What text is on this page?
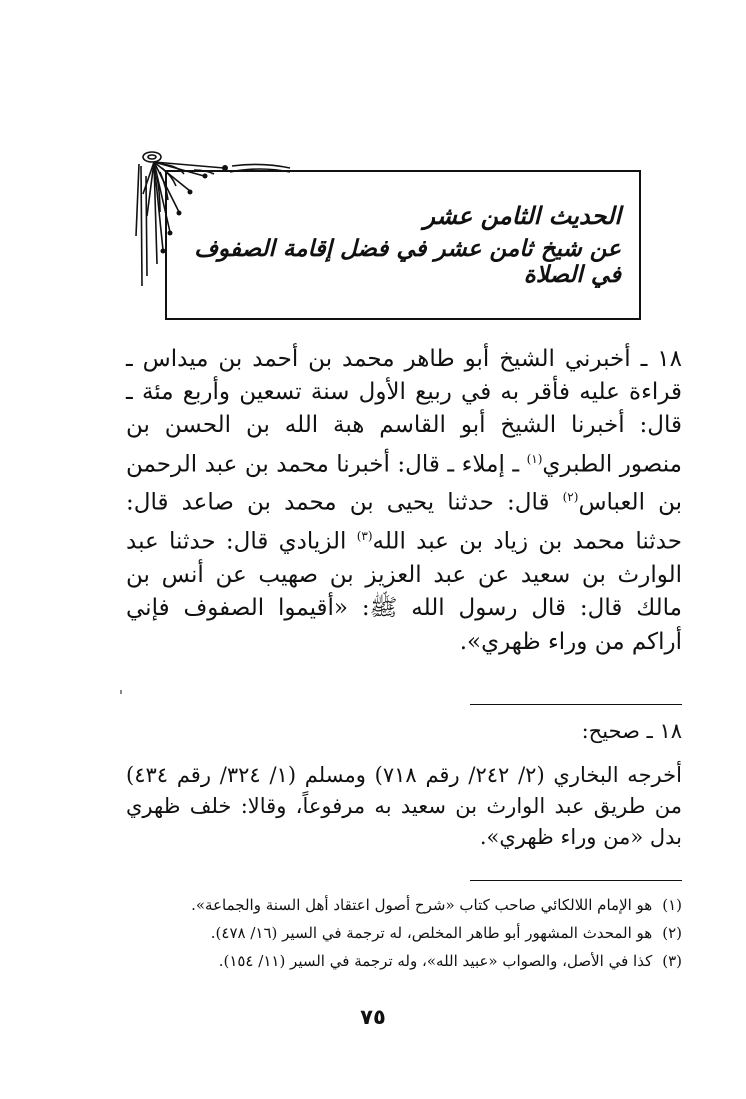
الحديث الثامن عشر
عن شيخ ثامن عشر في فضل إقامة الصفوف في الصلاة

١٨ ـ أخبرني الشيخ أبو طاهر محمد بن أحمد بن ميداس ـ قراءة عليه فأقر به في ربيع الأول سنة تسعين وأربع مئة ـ قال: أخبرنا الشيخ أبو القاسم هبة الله بن الحسن بن منصور الطبري$^{(١)}$ ـ إملاء ـ قال: أخبرنا محمد بن عبد الرحمن بن العباس$^{(٢)}$ قال: حدثنا يحيى بن محمد بن صاعد قال: حدثنا محمد بن زياد بن عبد الله$^{(٣)}$ الزيادي قال: حدثنا عبد الوارث بن سعيد عن عبد العزيز بن صهيب عن أنس بن مالك قال: قال رسول الله ﷺ: «أقيموا الصفوف فإني أراكم من وراء ظهري».

١٨ ـ صحيح:

أخرجه البخاري (٢/ ٢٤٢/ رقم ٧١٨) ومسلم (١/ ٣٢٤/ رقم ٤٣٤) من طريق عبد الوارث بن سعيد به مرفوعاً، وقالا: خلف ظهري بدل «من وراء ظهري».

(١)هو الإمام اللالكائي صاحب كتاب «شرح أصول اعتقاد أهل السنة والجماعة».
(٢)هو المحدث المشهور أبو طاهر المخلص، له ترجمة في السير (١٦/ ٤٧٨).
(٣)كذا في الأصل، والصواب «عبيد الله»، وله ترجمة في السير (١١/ ١٥٤).
٧٥
